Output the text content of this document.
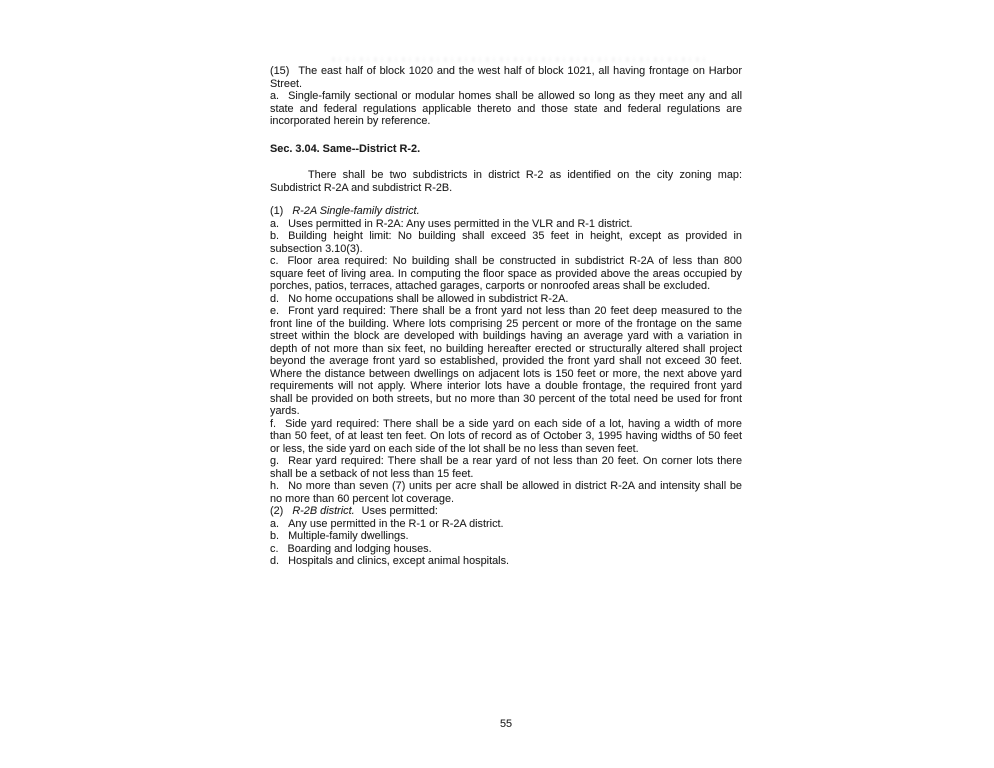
(15) The east half of block 1020 and the west half of block 1021, all having frontage on Harbor Street.

a. Single-family sectional or modular homes shall be allowed so long as they meet any and all state and federal regulations applicable thereto and those state and federal regulations are incorporated herein by reference.

Sec. 3.04. Same--District R-2.

There shall be two subdistricts in district R-2 as identified on the city zoning map: Subdistrict R-2A and subdistrict R-2B.

(1) R-2A Single-family district.

a. Uses permitted in R-2A: Any uses permitted in the VLR and R-1 district.

b. Building height limit: No building shall exceed 35 feet in height, except as provided in subsection 3.10(3).

c. Floor area required: No building shall be constructed in subdistrict R-2A of less than 800 square feet of living area. In computing the floor space as provided above the areas occupied by porches, patios, terraces, attached garages, carports or nonroofed areas shall be excluded.

d. No home occupations shall be allowed in subdistrict R-2A.

e. Front yard required: There shall be a front yard not less than 20 feet deep measured to the front line of the building. Where lots comprising 25 percent or more of the frontage on the same street within the block are developed with buildings having an average yard with a variation in depth of not more than six feet, no building hereafter erected or structurally altered shall project beyond the average front yard so established, provided the front yard shall not exceed 30 feet. Where the distance between dwellings on adjacent lots is 150 feet or more, the next above yard requirements will not apply. Where interior lots have a double frontage, the required front yard shall be provided on both streets, but no more than 30 percent of the total need be used for front yards.

f. Side yard required: There shall be a side yard on each side of a lot, having a width of more than 50 feet, of at least ten feet. On lots of record as of October 3, 1995 having widths of 50 feet or less, the side yard on each side of the lot shall be no less than seven feet.

g. Rear yard required: There shall be a rear yard of not less than 20 feet. On corner lots there shall be a setback of not less than 15 feet.

h. No more than seven (7) units per acre shall be allowed in district R-2A and intensity shall be no more than 60 percent lot coverage.

(2) R-2B district. Uses permitted:

a. Any use permitted in the R-1 or R-2A district.

b. Multiple-family dwellings.

c. Boarding and lodging houses.

d. Hospitals and clinics, except animal hospitals.

55
